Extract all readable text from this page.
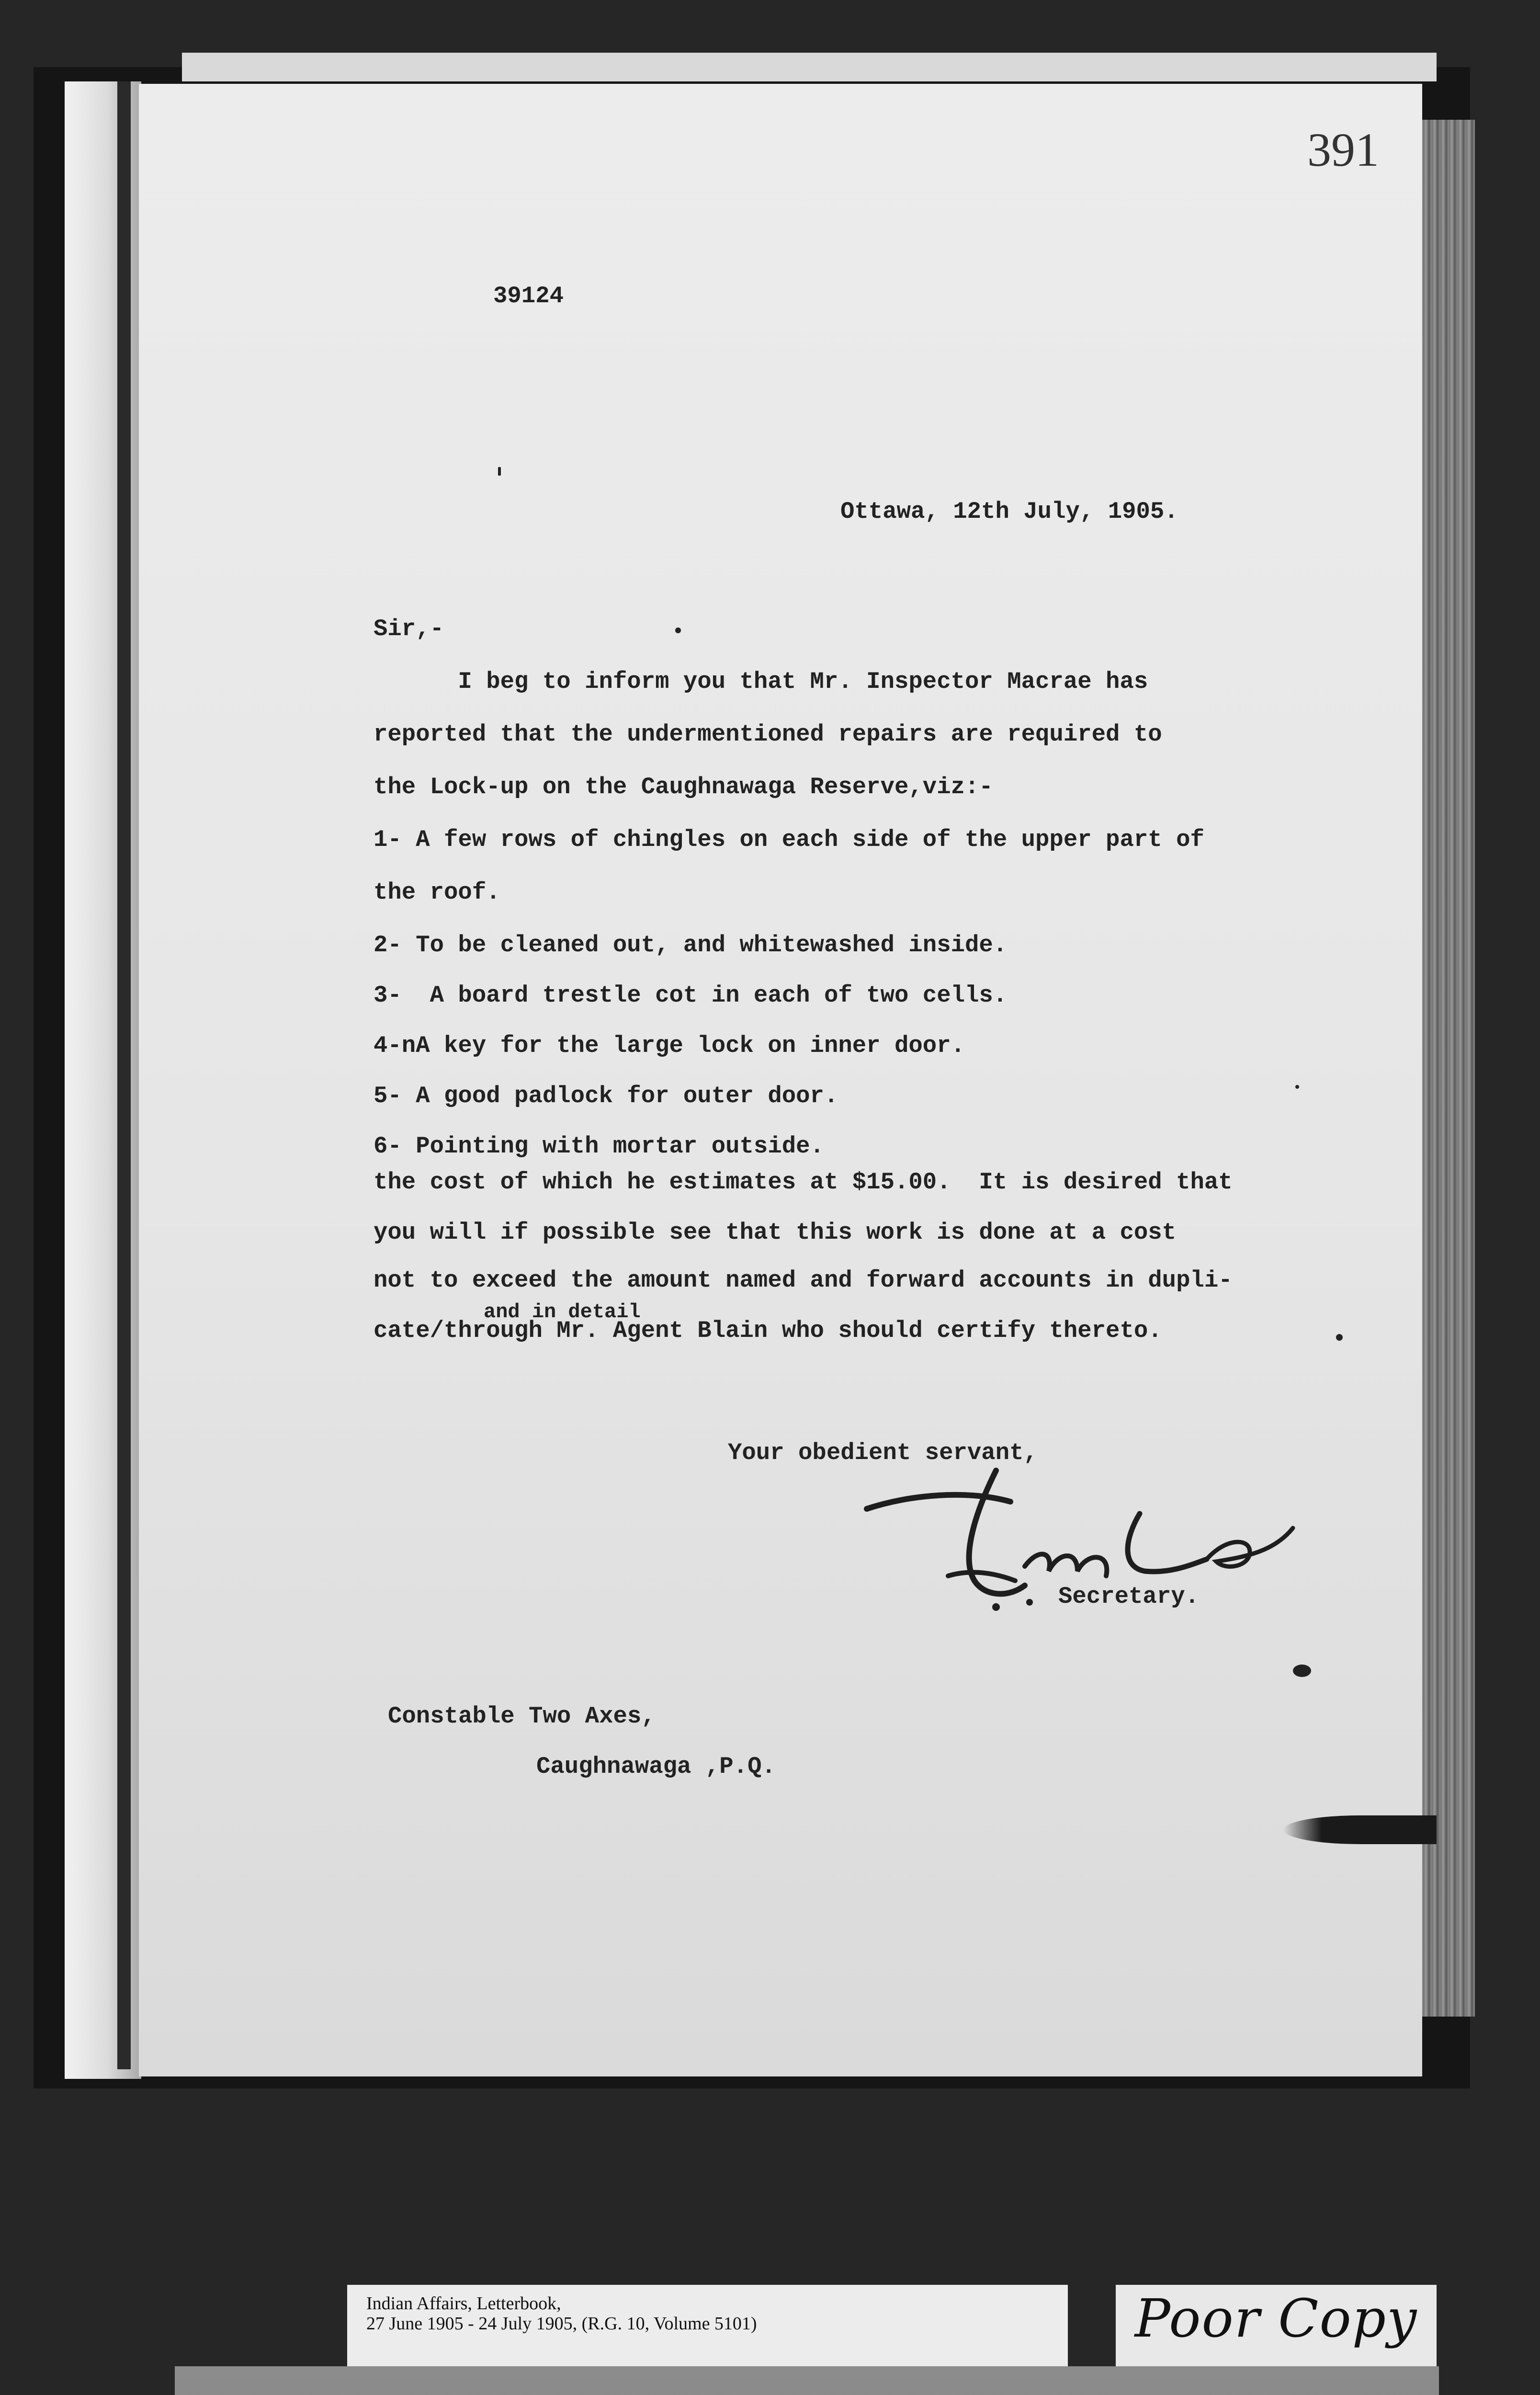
391
39124
Ottawa, 12th July, 1905.
Sir,-
I beg to inform you that Mr. Inspector Macrae has
reported that the undermentioned repairs are required to
the Lock-up on the Caughnawaga Reserve,viz:-
1- A few rows of chingles on each side of the upper part of
the roof.
2- To be cleaned out, and whitewashed inside.
3-  A board trestle cot in each of two cells.
4-nA key for the large lock on inner door.
5- A good padlock for outer door.
6- Pointing with mortar outside.
the cost of which he estimates at $15.00.  It is desired that
you will if possible see that this work is done at a cost
not to exceed the amount named and forward accounts in dupli-
and in detail
cate/through Mr. Agent Blain who should certify thereto.
Your obedient servant,
Secretary.
Constable Two Axes,
Caughnawaga ,P.Q.
Indian Affairs, Letterbook,
27 June 1905 - 24 July 1905, (R.G. 10, Volume 5101)	Poor Copy
